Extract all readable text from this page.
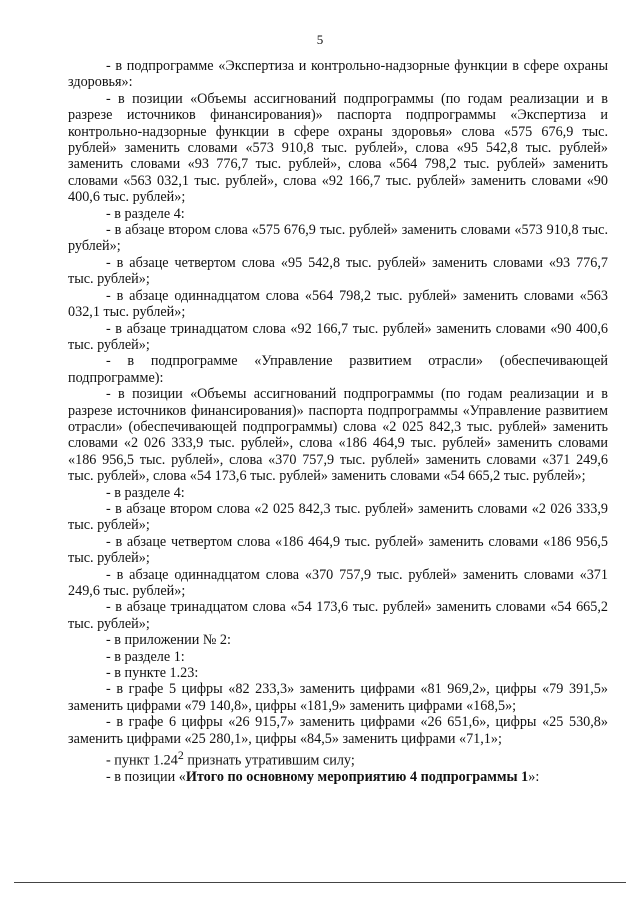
5

- в подпрограмме «Экспертиза и контрольно-надзорные функции в сфере охраны здоровья»:

- в позиции «Объемы ассигнований подпрограммы (по годам реализации и в разрезе источников финансирования)» паспорта подпрограммы «Экспертиза и контрольно-надзорные функции в сфере охраны здоровья» слова «575 676,9 тыс. рублей» заменить словами «573 910,8 тыс. рублей», слова «95 542,8 тыс. рублей» заменить словами «93 776,7 тыс. рублей», слова «564 798,2 тыс. рублей» заменить словами «563 032,1 тыс. рублей», слова «92 166,7 тыс. рублей» заменить словами «90 400,6 тыс. рублей»;

- в разделе 4:

- в абзаце втором слова «575 676,9 тыс. рублей» заменить словами «573 910,8 тыс. рублей»;

- в абзаце четвертом слова «95 542,8 тыс. рублей» заменить словами «93 776,7 тыс. рублей»;

- в абзаце одиннадцатом слова «564 798,2 тыс. рублей» заменить словами «563 032,1 тыс. рублей»;

- в абзаце тринадцатом слова «92 166,7 тыс. рублей» заменить словами «90 400,6 тыс. рублей»;

- в подпрограмме «Управление развитием отрасли» (обеспечивающей подпрограмме):

- в позиции «Объемы ассигнований подпрограммы (по годам реализации и в разрезе источников финансирования)» паспорта подпрограммы «Управление развитием отрасли» (обеспечивающей подпрограммы) слова «2 025 842,3 тыс. рублей» заменить словами «2 026 333,9 тыс. рублей», слова «186 464,9 тыс. рублей» заменить словами «186 956,5 тыс. рублей», слова «370 757,9 тыс. рублей» заменить словами «371 249,6 тыс. рублей», слова «54 173,6 тыс. рублей» заменить словами «54 665,2 тыс. рублей»;

- в разделе 4:

- в абзаце втором слова «2 025 842,3 тыс. рублей» заменить словами «2 026 333,9 тыс. рублей»;

- в абзаце четвертом слова «186 464,9 тыс. рублей» заменить словами «186 956,5 тыс. рублей»;

- в абзаце одиннадцатом слова «370 757,9 тыс. рублей» заменить словами «371 249,6 тыс. рублей»;

- в абзаце тринадцатом слова «54 173,6 тыс. рублей» заменить словами «54 665,2 тыс. рублей»;

- в приложении № 2:

- в разделе 1:

- в пункте 1.23:

- в графе 5 цифры «82 233,3» заменить цифрами «81 969,2», цифры «79 391,5» заменить цифрами «79 140,8», цифры «181,9» заменить цифрами «168,5»;

- в графе 6 цифры «26 915,7» заменить цифрами «26 651,6», цифры «25 530,8» заменить цифрами «25 280,1», цифры «84,5» заменить цифрами «71,1»;

- пункт 1.24$^2$ признать утратившим силу;

- в позиции «Итого по основному мероприятию 4 подпрограммы 1»:
